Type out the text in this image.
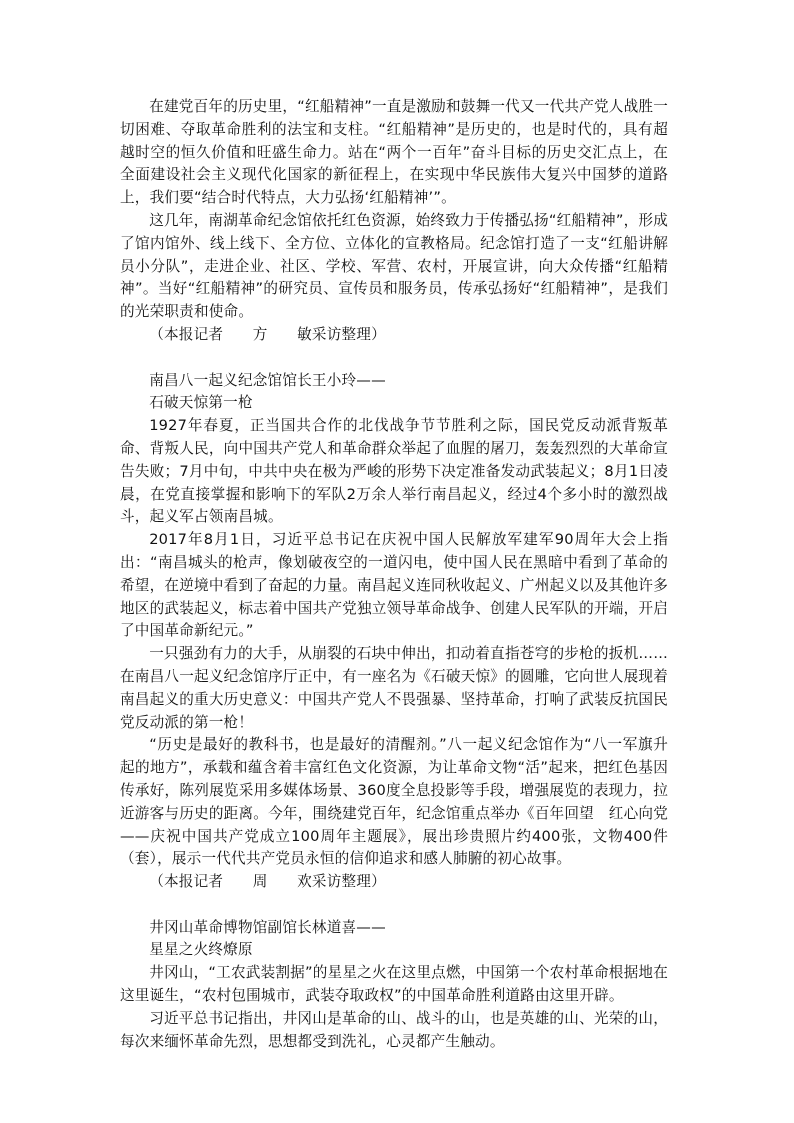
在建党百年的历史里，“红船精神”一直是激励和鼓舞一代又一代共产党人战胜一切困难、夺取革命胜利的法宝和支柱。“红船精神”是历史的，也是时代的，具有超越时空的恒久价值和旺盛生命力。站在“两个一百年”奋斗目标的历史交汇点上，在全面建设社会主义现代化国家的新征程上，在实现中华民族伟大复兴中国梦的道路上，我们要“结合时代特点，大力弘扬‘红船精神’”。

这几年，南湖革命纪念馆依托红色资源，始终致力于传播弘扬“红船精神”，形成了馆内馆外、线上线下、全方位、立体化的宣教格局。纪念馆打造了一支“红船讲解员小分队”，走进企业、社区、学校、军营、农村，开展宣讲，向大众传播“红船精神”。当好“红船精神”的研究员、宣传员和服务员，传承弘扬好“红船精神”，是我们的光荣职责和使命。

（本报记者　　方　　敏采访整理）

南昌八一起义纪念馆馆长王小玲——

石破天惊第一枪

1927年春夏，正当国共合作的北伐战争节节胜利之际，国民党反动派背叛革命、背叛人民，向中国共产党人和革命群众举起了血腥的屠刀，轰轰烈烈的大革命宣告失败；7月中旬，中共中央在极为严峻的形势下决定准备发动武装起义；8月1日凌晨，在党直接掌握和影响下的军队2万余人举行南昌起义，经过4个多小时的激烈战斗，起义军占领南昌城。

2017年8月1日，习近平总书记在庆祝中国人民解放军建军90周年大会上指出：“南昌城头的枪声，像划破夜空的一道闪电，使中国人民在黑暗中看到了革命的希望，在逆境中看到了奋起的力量。南昌起义连同秋收起义、广州起义以及其他许多地区的武装起义，标志着中国共产党独立领导革命战争、创建人民军队的开端，开启了中国革命新纪元。”

一只强劲有力的大手，从崩裂的石块中伸出，扣动着直指苍穹的步枪的扳机……在南昌八一起义纪念馆序厅正中，有一座名为《石破天惊》的圆雕，它向世人展现着南昌起义的重大历史意义：中国共产党人不畏强暴、坚持革命，打响了武装反抗国民党反动派的第一枪！

“历史是最好的教科书，也是最好的清醒剂。”八一起义纪念馆作为“八一军旗升起的地方”，承载和蕴含着丰富红色文化资源，为让革命文物“活”起来，把红色基因传承好，陈列展览采用多媒体场景、360度全息投影等手段，增强展览的表现力，拉近游客与历史的距离。今年，围绕建党百年，纪念馆重点举办《百年回望　红心向党——庆祝中国共产党成立100周年主题展》，展出珍贵照片约400张，文物400件（套），展示一代代共产党员永恒的信仰追求和感人肺腑的初心故事。

（本报记者　　周　　欢采访整理）

井冈山革命博物馆副馆长林道喜——

星星之火终燎原

井冈山，“工农武装割据”的星星之火在这里点燃，中国第一个农村革命根据地在这里诞生，“农村包围城市，武装夺取政权”的中国革命胜利道路由这里开辟。

习近平总书记指出，井冈山是革命的山、战斗的山，也是英雄的山、光荣的山，每次来缅怀革命先烈，思想都受到洗礼，心灵都产生触动。
